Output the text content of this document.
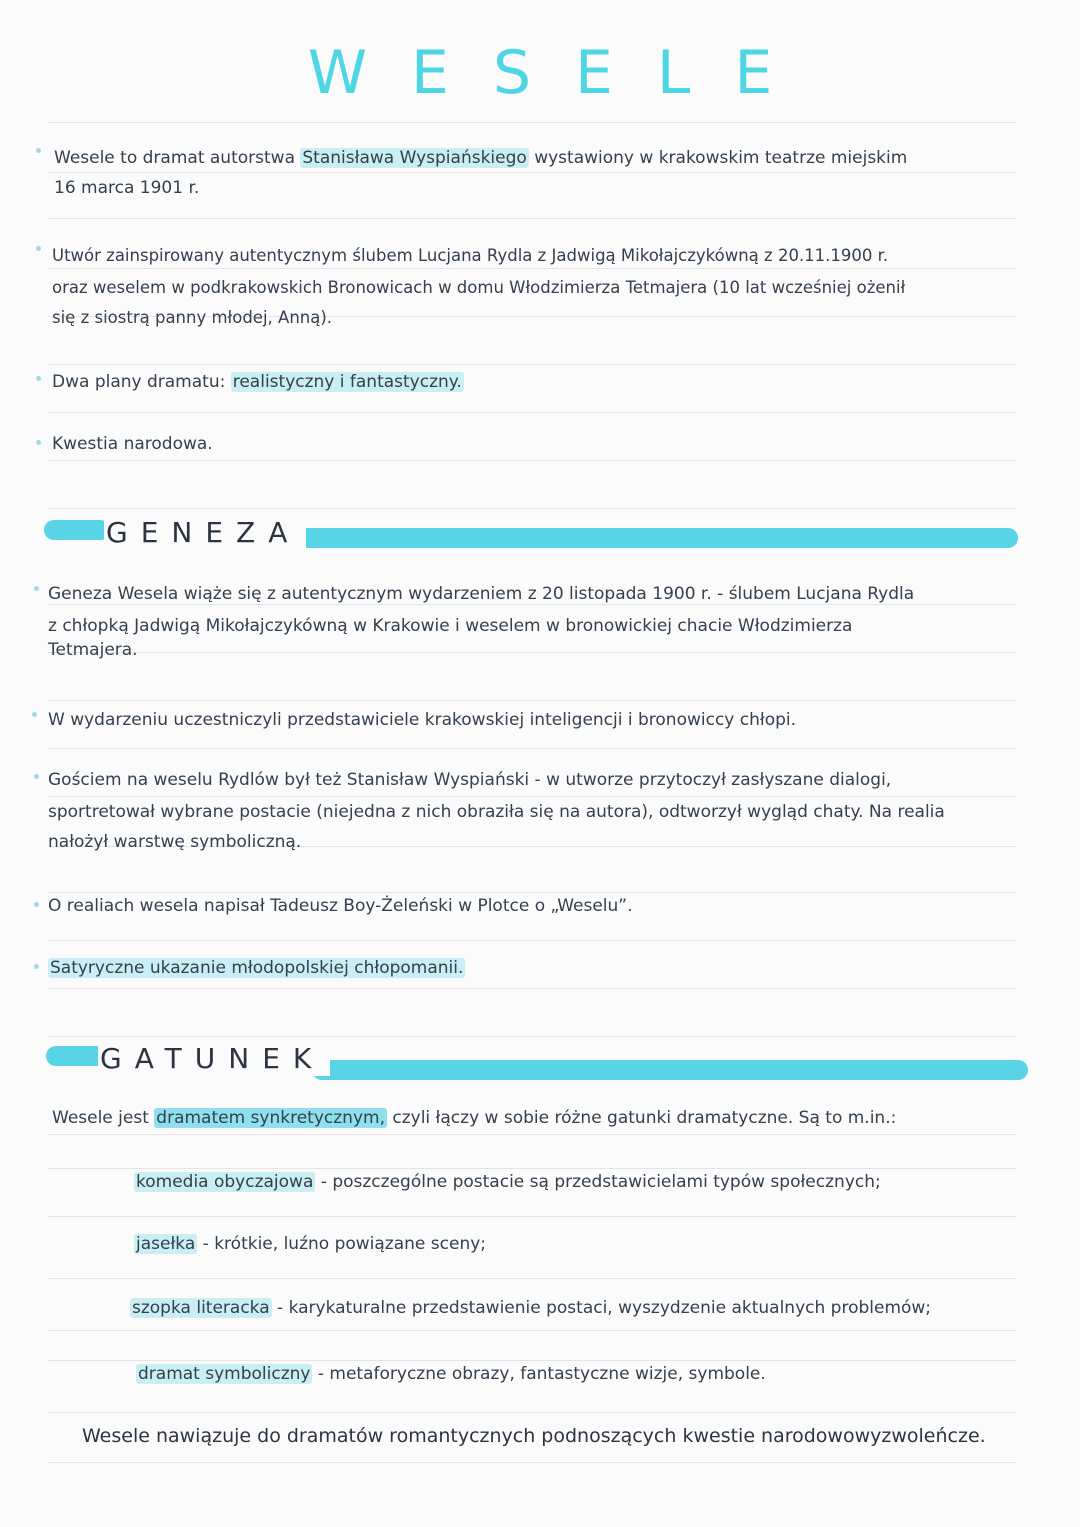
WESELE
Wesele to dramat autorstwa Stanisława Wyspiańskiego wystawiony w krakowskim teatrze miejskim
16 marca 1901 r.
Utwór zainspirowany autentycznym ślubem Lucjana Rydla z Jadwigą Mikołajczykówną z 20.11.1900 r.
oraz weselem w podkrakowskich Bronowicach w domu Włodzimierza Tetmajera (10 lat wcześniej ożenił
się z siostrą panny młodej, Anną).
Dwa plany dramatu: realistyczny i fantastyczny.
Kwestia narodowa.
GENEZA
Geneza Wesela wiąże się z autentycznym wydarzeniem z 20 listopada 1900 r. - ślubem Lucjana Rydla
z chłopką Jadwigą Mikołajczykówną w Krakowie i weselem w bronowickiej chacie Włodzimierza
Tetmajera.
W wydarzeniu uczestniczyli przedstawiciele krakowskiej inteligencji i bronowiccy chłopi.
Gościem na weselu Rydlów był też Stanisław Wyspiański - w utworze przytoczył zasłyszane dialogi,
sportretował wybrane postacie (niejedna z nich obraziła się na autora), odtworzył wygląd chaty. Na realia
nałożył warstwę symboliczną.
O realiach wesela napisał Tadeusz Boy-Żeleński w Plotce o „Weselu”.
Satyryczne ukazanie młodopolskiej chłopomanii.
GATUNEK
Wesele jest dramatem synkretycznym, czyli łączy w sobie różne gatunki dramatyczne. Są to m.in.:
komedia obyczajowa - poszczególne postacie są przedstawicielami typów społecznych;
jasełka - krótkie, luźno powiązane sceny;
szopka literacka - karykaturalne przedstawienie postaci, wyszydzenie aktualnych problemów;
dramat symboliczny - metaforyczne obrazy, fantastyczne wizje, symbole.
Wesele nawiązuje do dramatów romantycznych podnoszących kwestie narodowowyzwoleńcze.
